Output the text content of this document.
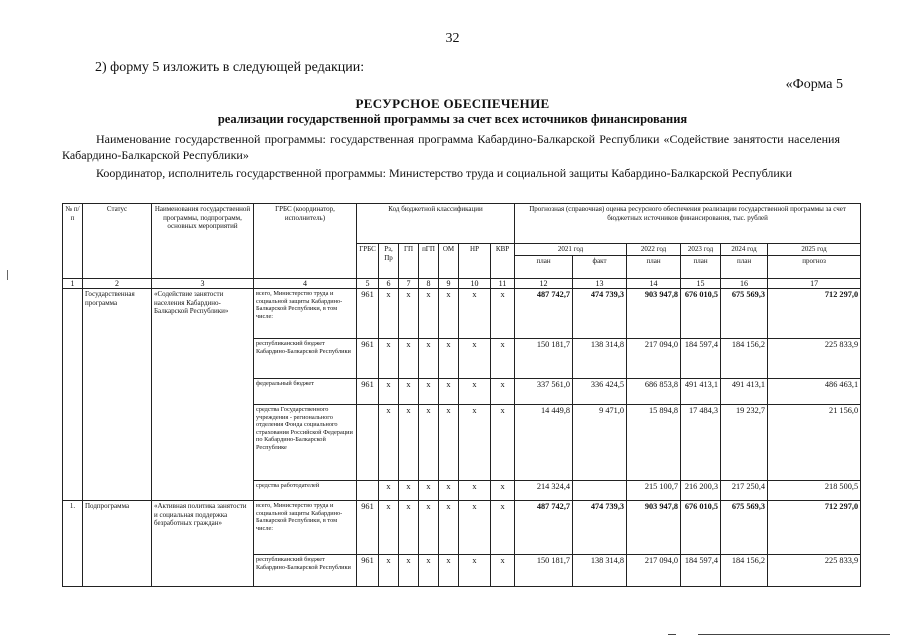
32
2) форму 5 изложить в следующей редакции:
«Форма 5
РЕСУРСНОЕ ОБЕСПЕЧЕНИЕ
реализации государственной программы за счет всех источников финансирования
Наименование государственной программы: государственная программа Кабардино-Балкарской Республики «Содействие занятости населения Кабардино-Балкарской Республики»
Координатор, исполнитель государственной программы: Министерство труда и социальной защиты Кабардино-Балкарской Республики
№ п/п	Статус	Наименования государственной программы, подпрограмм, основных мероприятий	ГРБС (координатор, исполнитель)	Код бюджетной классификации							Прогнозная (справочная) оценка ресурсного обеспечения реализации государственной программы за счет бюджетных источников финансирования, тыс. рублей					
				ГРБС	Рз, Пр	ГП	пГП	ОМ	НР	КВР	2021 год		2022 год	2023 год	2024 год	2025 год
											план	факт	план	план	план	прогноз
1	2	3	4	5	6	7	8	9	10	11	12	13	14	15	16	17
	Государственная программа	«Содействие занятости населения Кабардино-Балкарской Республики»	всего, Министерство труда и социальной защиты Кабардино-Балкарской Республики, в том числе:	961	х	х	х	х	х	х	487 742,7	474 739,3	903 947,8	676 010,5	675 569,3	712 297,0
			республиканский бюджет Кабардино-Балкарской Республики	961	х	х	х	х	х	х	150 181,7	138 314,8	217 094,0	184 597,4	184 156,2	225 833,9
			федеральный бюджет	961	х	х	х	х	х	х	337 561,0	336 424,5	686 853,8	491 413,1	491 413,1	486 463,1
			средства Государственного учреждения - регионального отделения Фонда социального страхования Российской Федерации по Кабардино-Балкарской Республике		х	х	х	х	х	х	14 449,8	9 471,0	15 894,8	17 484,3	19 232,7	21 156,0
			средства работодателей		х	х	х	х	х	х	214 324,4		215 100,7	216 200,3	217 250,4	218 500,5
1.	Подпрограмма	«Активная политика занятости и социальная поддержка безработных граждан»	всего, Министерство труда и социальной защиты Кабардино-Балкарской Республики, в том числе:	961	х	х	х	х	х	х	487 742,7	474 739,3	903 947,8	676 010,5	675 569,3	712 297,0
			республиканский бюджет Кабардино-Балкарской Республики	961	х	х	х	х	х	х	150 181,7	138 314,8	217 094,0	184 597,4	184 156,2	225 833,9
